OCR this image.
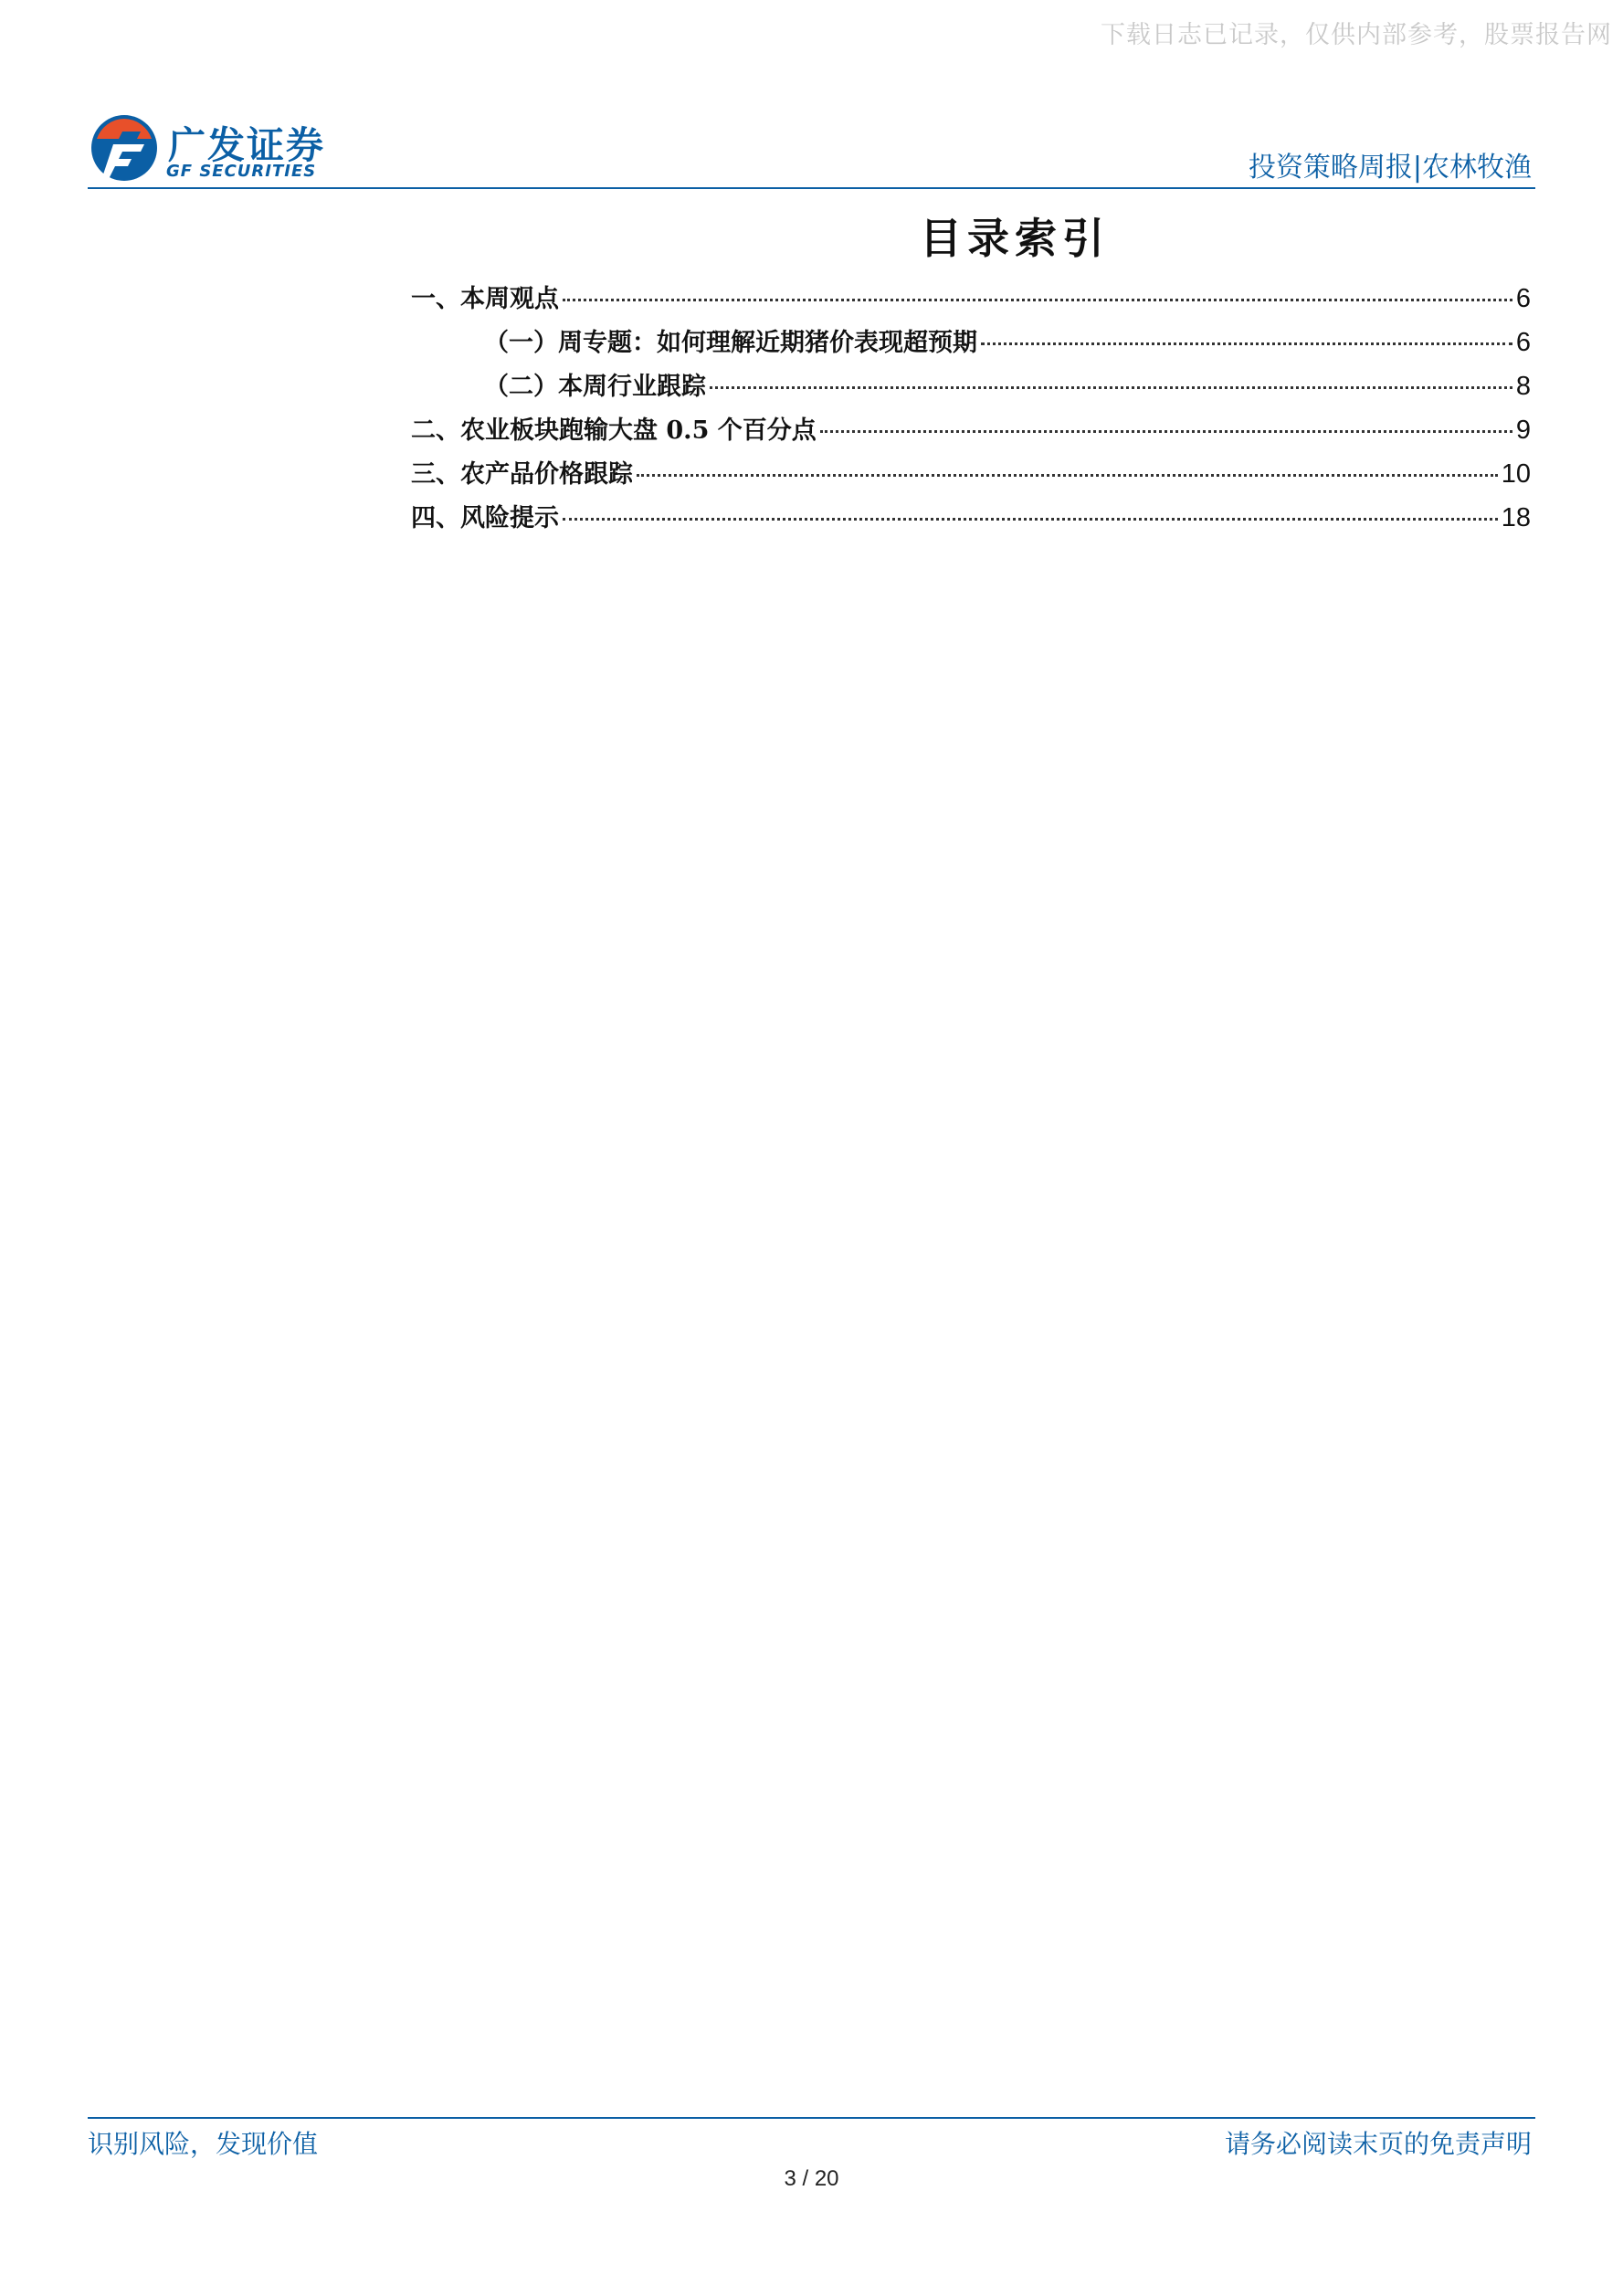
下载日志已记录，仅供内部参考，股票报告网
广发证券
GF SECURITIES	投资策略周报|农林牧渔
目录索引
一、本周观点	6
（一）周专题：如何理解近期猪价表现超预期	6
（二）本周行业跟踪	8
二、农业板块跑输大盘 0.5 个百分点	9
三、农产品价格跟踪	10
四、风险提示	18
识别风险，发现价值	请务必阅读末页的免责声明
3 / 20
